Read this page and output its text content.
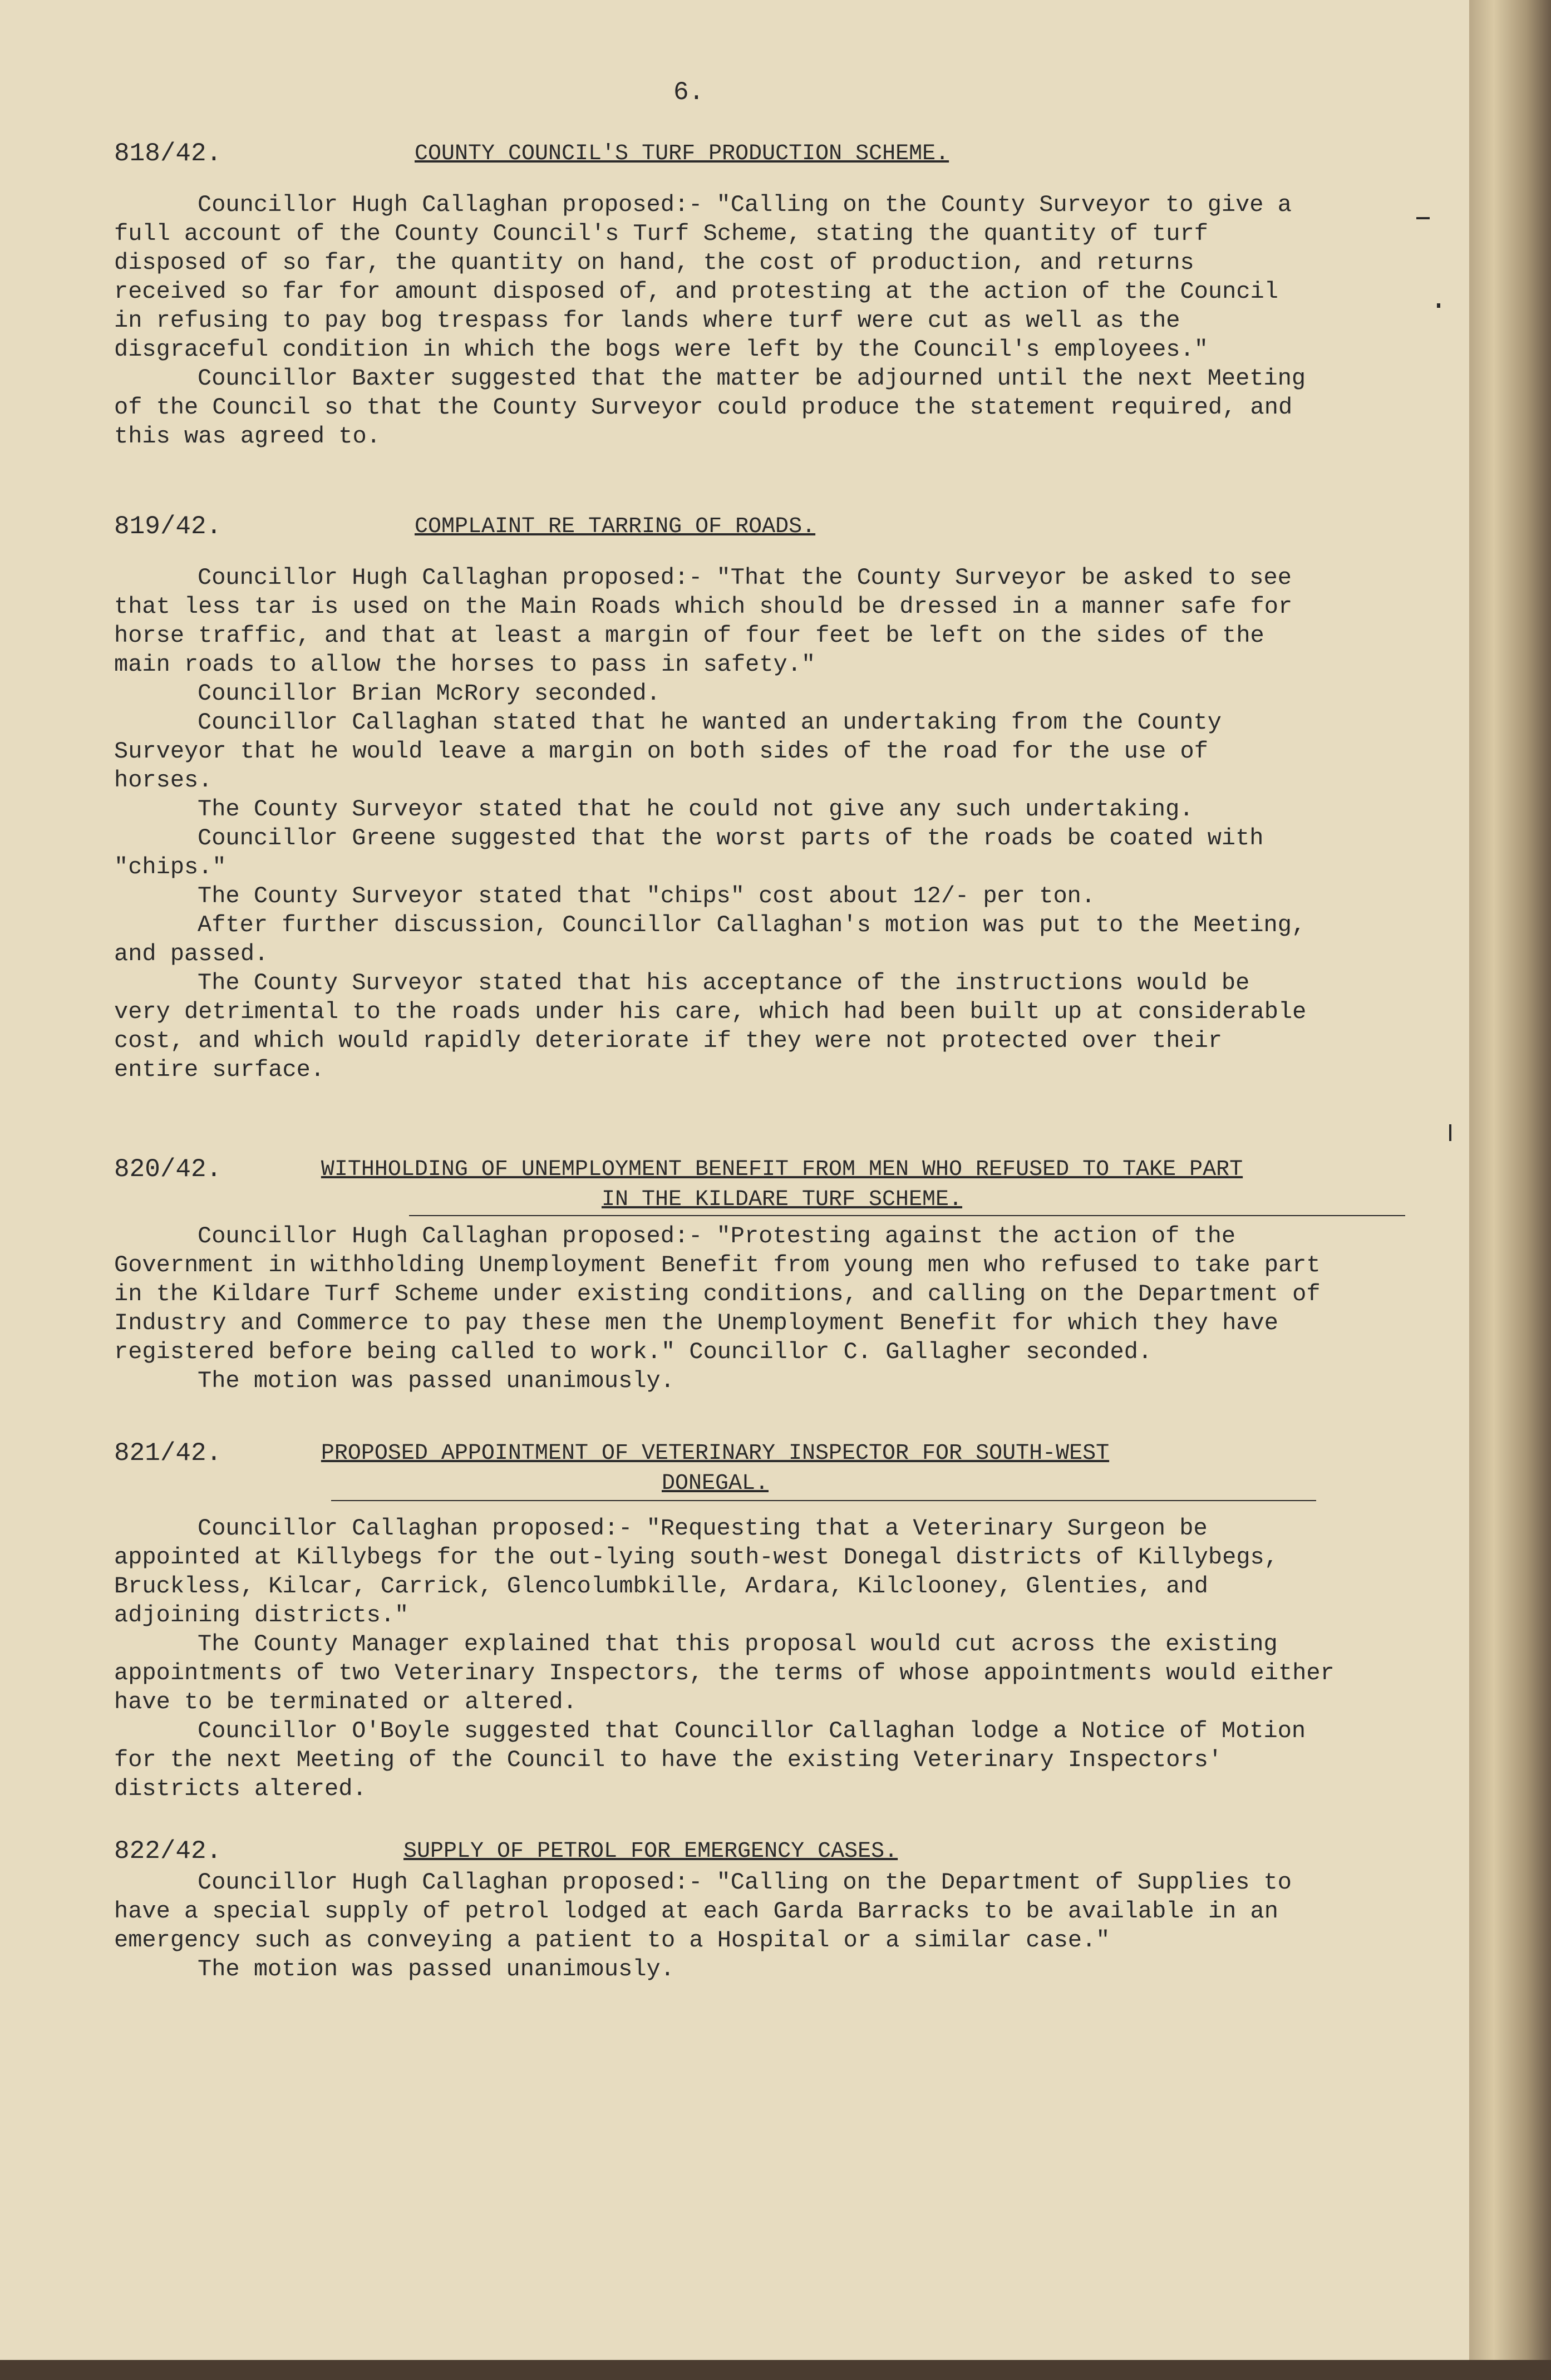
6.
818/42.	COUNTY COUNCIL'S TURF PRODUCTION SCHEME.

Councillor Hugh Callaghan proposed:- "Calling on the County Surveyor to give a full account of the County Council's Turf Scheme, stating the quantity of turf disposed of so far, the quantity on hand, the cost of production, and returns received so far for amount disposed of, and protesting at the action of the Council in refusing to pay bog trespass for lands where turf were cut as well as the disgraceful condition in which the bogs were left by the Council's employees."

Councillor Baxter suggested that the matter be adjourned until the next Meeting of the Council so that the County Surveyor could produce the statement required, and this was agreed to.

819/42.	COMPLAINT RE TARRING OF ROADS.

Councillor Hugh Callaghan proposed:- "That the County Surveyor be asked to see that less tar is used on the Main Roads which should be dressed in a manner safe for horse traffic, and that at least a margin of four feet be left on the sides of the main roads to allow the horses to pass in safety."

Councillor Brian McRory seconded.

Councillor Callaghan stated that he wanted an undertaking from the County Surveyor that he would leave a margin on both sides of the road for the use of horses.

The County Surveyor stated that he could not give any such undertaking.

Councillor Greene suggested that the worst parts of the roads be coated with "chips."

The County Surveyor stated that "chips" cost about 12/- per ton.

After further discussion, Councillor Callaghan's motion was put to the Meeting, and passed.

The County Surveyor stated that his acceptance of the instructions would be very detrimental to the roads under his care, which had been built up at considerable cost, and which would rapidly deteriorate if they were not protected over their entire surface.

820/42.	WITHHOLDING OF UNEMPLOYMENT BENEFIT FROM MEN WHO REFUSED TO TAKE PART IN THE KILDARE TURF SCHEME.

Councillor Hugh Callaghan proposed:- "Protesting against the action of the Government in withholding Unemployment Benefit from young men who refused to take part in the Kildare Turf Scheme under existing conditions, and calling on the Department of Industry and Commerce to pay these men the Unemployment Benefit for which they have registered before being called to work." Councillor C. Gallagher seconded.

The motion was passed unanimously.

821/42.	PROPOSED APPOINTMENT OF VETERINARY INSPECTOR FOR SOUTH-WEST DONEGAL.

Councillor Callaghan proposed:- "Requesting that a Veterinary Surgeon be appointed at Killybegs for the out-lying south-west Donegal districts of Killybegs, Bruckless, Kilcar, Carrick, Glencolumbkille, Ardara, Kilclooney, Glenties, and adjoining districts."

The County Manager explained that this proposal would cut across the existing appointments of two Veterinary Inspectors, the terms of whose appointments would either have to be terminated or altered.

Councillor O'Boyle suggested that Councillor Callaghan lodge a Notice of Motion for the next Meeting of the Council to have the existing Veterinary Inspectors' districts altered.

822/42.	SUPPLY OF PETROL FOR EMERGENCY CASES.

Councillor Hugh Callaghan proposed:- "Calling on the Department of Supplies to have a special supply of petrol lodged at each Garda Barracks to be available in an emergency such as conveying a patient to a Hospital or a similar case."

The motion was passed unanimously.
